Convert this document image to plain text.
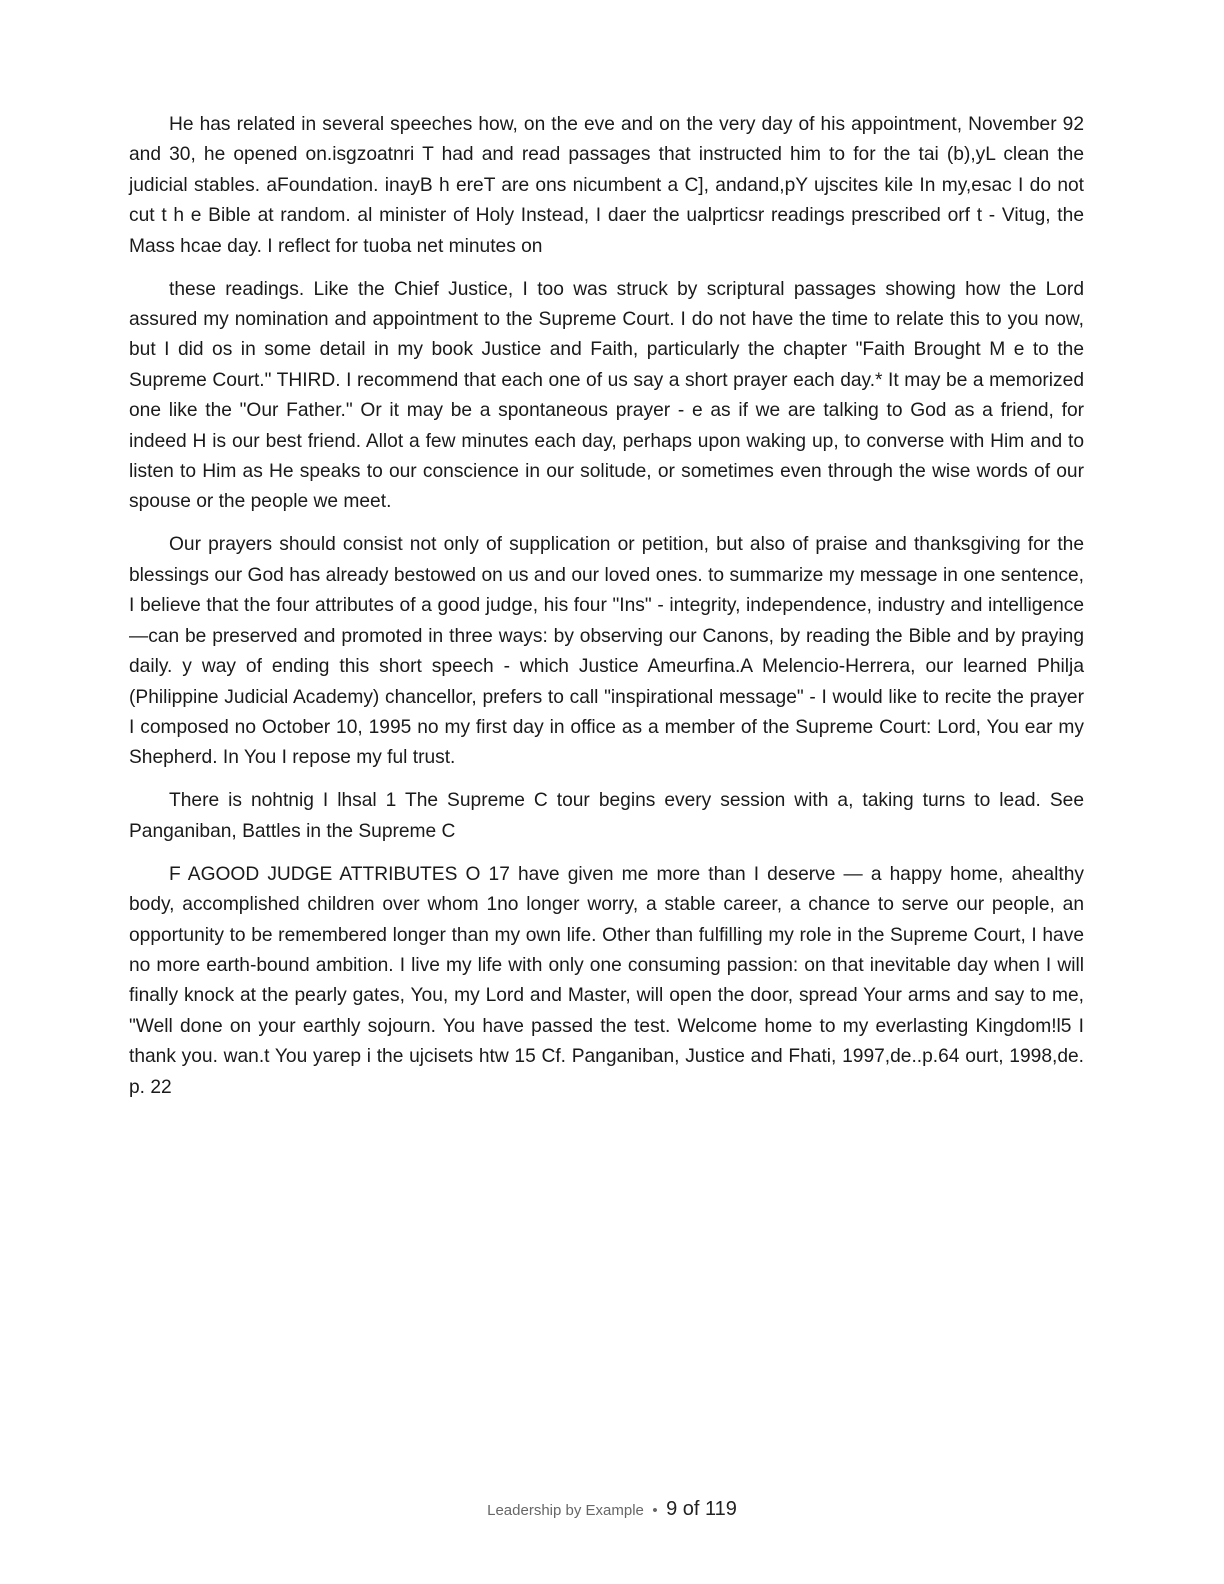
He has related in several speeches how, on the eve and on the very day of his appointment, November 92 and 30, he opened on.isgzoatnri T had and read passages that instructed him to for the tai (b),yL clean the judicial stables. aFoundation. inayB h ereT are ons nicumbent a C], andand,pY ujscites kile In my,esac I do not cut t h e Bible at random. al minister of Holy Instead, I daer the ualprticsr readings prescribed orf t - Vitug, the Mass hcae day. I reflect for tuoba net minutes on

these readings. Like the Chief Justice, I too was struck by scriptural passages showing how the Lord assured my nomination and appointment to the Supreme Court. I do not have the time to relate this to you now, but I did os in some detail in my book Justice and Faith, particularly the chapter "Faith Brought M e to the Supreme Court." THIRD. I recommend that each one of us say a short prayer each day.* It may be a memorized one like the "Our Father." Or it may be a spontaneous prayer - e as if we are talking to God as a friend, for indeed H is our best friend. Allot a few minutes each day, perhaps upon waking up, to converse with Him and to listen to Him as He speaks to our conscience in our solitude, or sometimes even through the wise words of our spouse or the people we meet.

Our prayers should consist not only of supplication or petition, but also of praise and thanksgiving for the blessings our God has already bestowed on us and our loved ones. to summarize my message in one sentence, I believe that the four attributes of a good judge, his four "Ins" - integrity, independence, industry and intelligence —can be preserved and promoted in three ways: by observing our Canons, by reading the Bible and by praying daily. y way of ending this short speech - which Justice Ameurfina.A Melencio-Herrera, our learned Philja (Philippine Judicial Academy) chancellor, prefers to call "inspirational message" - I would like to recite the prayer I composed no October 10, 1995 no my first day in office as a member of the Supreme Court: Lord, You ear my Shepherd. In You I repose my ful trust.

There is nohtnig I lhsal 1 The Supreme C tour begins every session with a, taking turns to lead. See Panganiban, Battles in the Supreme C

F AGOOD JUDGE ATTRIBUTES O 17 have given me more than I deserve — a happy home, ahealthy body, accomplished children over whom 1no longer worry, a stable career, a chance to serve our people, an opportunity to be remembered longer than my own life. Other than fulfilling my role in the Supreme Court, I have no more earth-bound ambition. I live my life with only one consuming passion: on that inevitable day when I will finally knock at the pearly gates, You, my Lord and Master, will open the door, spread Your arms and say to me, "Well done on your earthly sojourn. You have passed the test. Welcome home to my everlasting Kingdom!l5 I thank you. wan.t You yarep i the ujcisets htw 15 Cf. Panganiban, Justice and Fhati, 1997,de..p.64 ourt, 1998,de. p. 22

Leadership by Example • 9 of 119
